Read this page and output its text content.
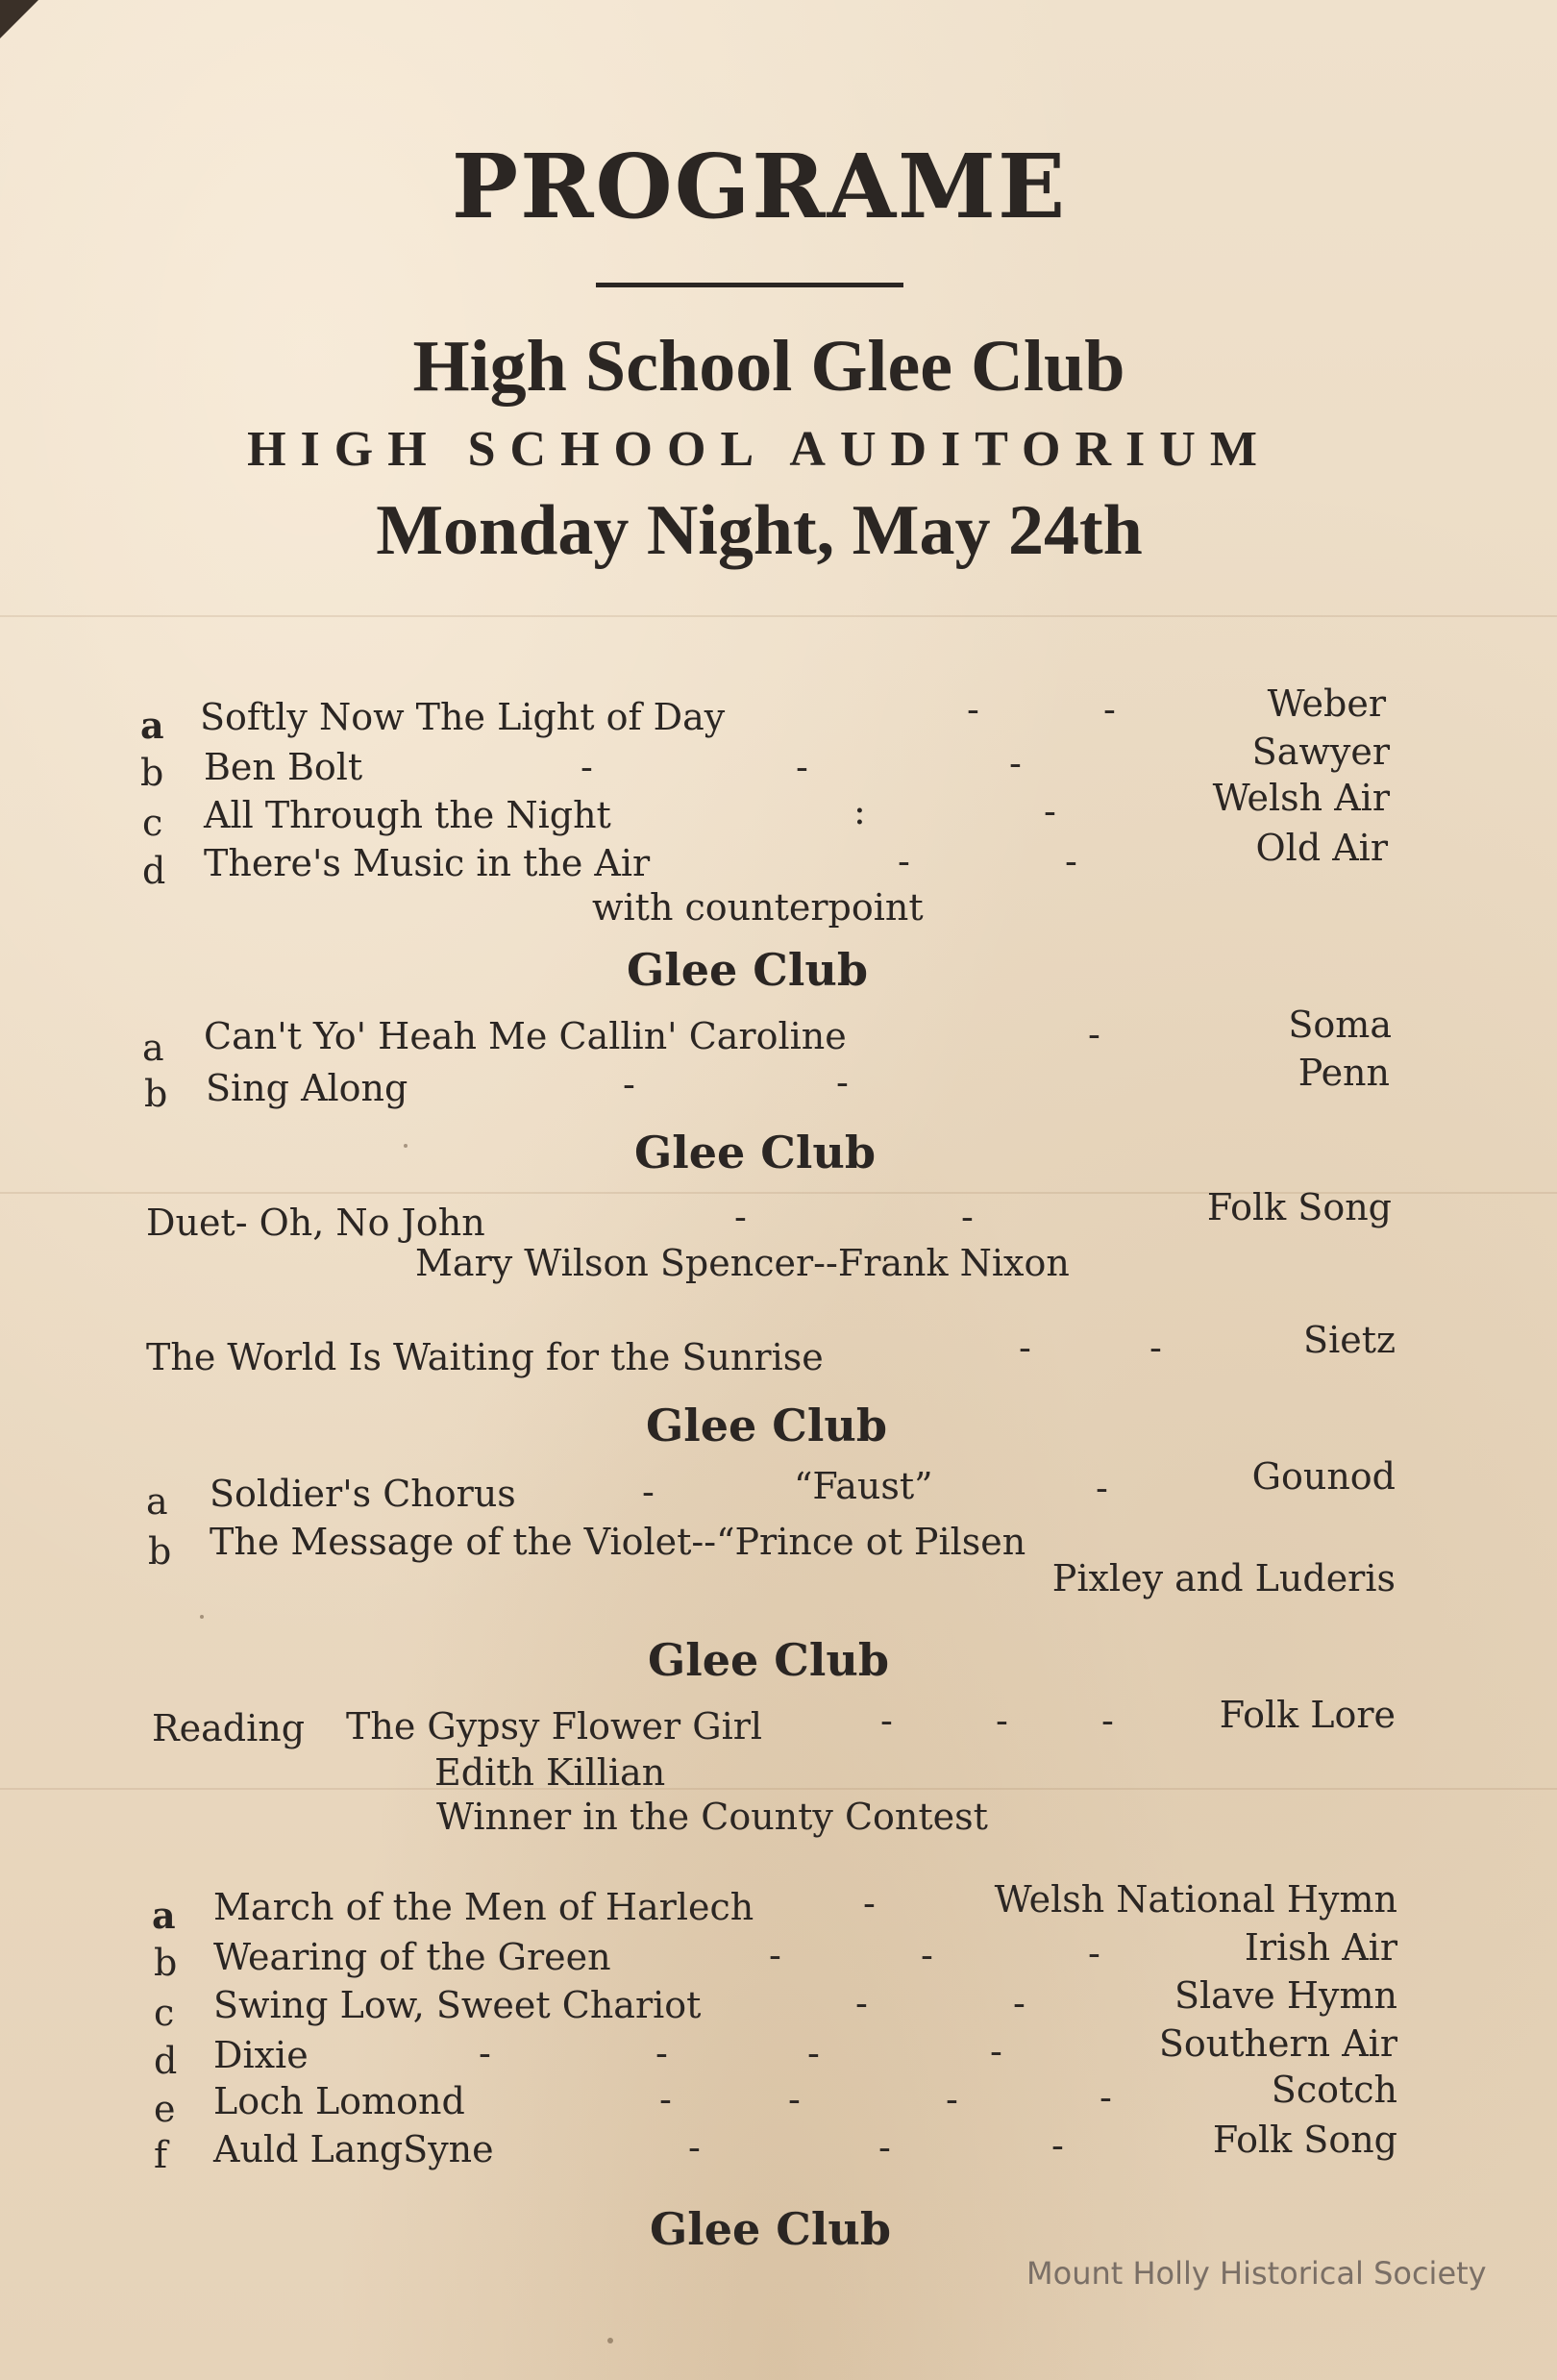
PROGRAME
High School Glee Club
HIGH SCHOOL AUDITORIUM
Monday Night, May 24th
a Softly Now The Light of Day	-	-	Weber
b Ben Bolt	-	-	-	Sawyer
c All Through the Night	:	-	Welsh Air
d There's Music in the Air	-	-	Old Air
with counterpoint
Glee Club
a Can't Yo' Heah Me Callin' Caroline	-	Soma
b Sing Along	-	-	Penn
Glee Club
Duet- Oh, No John	-	-	Folk Song
Mary Wilson Spencer--Frank Nixon
The World Is Waiting for the Sunrise	-	-	Sietz
Glee Club
a Soldier's Chorus	-	“Faust”	-	Gounod
b The Message of the Violet--“Prince ot Pilsen
Pixley and Luderis
Glee Club
Reading The Gypsy Flower Girl	-	-	-	Folk Lore
Edith Killian
Winner in the County Contest
a March of the Men of Harlech	-	Welsh National Hymn
b Wearing of the Green	-	-	-	Irish Air
c Swing Low, Sweet Chariot	-	-	Slave Hymn
d Dixie	-	-	-	-	Southern Air
e Loch Lomond	-	-	-	-	Scotch
f Auld LangSyne	-	-	-	Folk Song
Glee Club
Mount Holly Historical Society
